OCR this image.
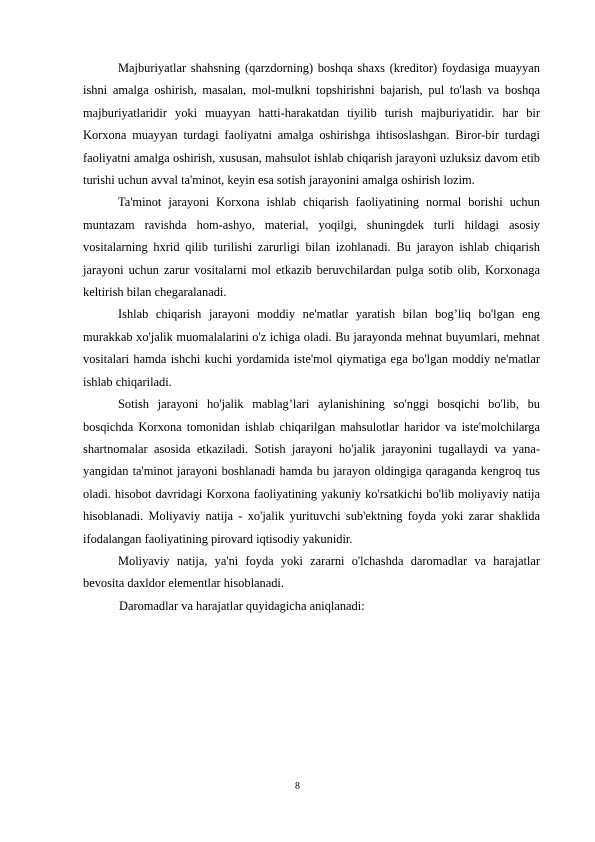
Majburiyatlar shahsning (qarzdorning) boshqa shaxs (kreditor) foydasiga muayyan ishni amalga oshirish, masalan, mol-mulkni topshirishni bajarish, pul to'lash va boshqa majburiyatlaridir yoki muayyan hatti-harakatdan tiyilib turish majburiyatidir. har bir Korxona muayyan turdagi faoliyatni amalga oshirishga ihtisoslashgan. Biror-bir turdagi faoliyatni amalga oshirish, xususan, mahsulot ishlab chiqarish jarayoni uzluksiz davom etib turishi uchun avval ta'minot, keyin esa sotish jarayonini amalga oshirish lozim.

Ta'minot jarayoni Korxona ishlab chiqarish faoliyatining normal borishi uchun muntazam ravishda hom-ashyo, material, yoqilgi, shuningdek turli hildagi asosiy vositalarning hxrid qilib turilishi zarurligi bilan izohlanadi. Bu jarayon ishlab chiqarish jarayoni uchun zarur vositalarni mol etkazib beruvchilardan pulga sotib olib, Korxonaga keltirish bilan chegaralanadi.

Ishlab chiqarish jarayoni moddiy ne'matlar yaratish bilan bog’liq bo'lgan eng murakkab xo'jalik muomalalarini o'z ichiga oladi. Bu jarayonda mehnat buyumlari, mehnat vositalari hamda ishchi kuchi yordamida iste'mol qiymatiga ega bo'lgan moddiy ne'matlar ishlab chiqariladi.

Sotish jarayoni ho'jalik mablag’lari aylanishining so'nggi bosqichi bo'lib, bu bosqichda Korxona tomonidan ishlab chiqarilgan mahsulotlar haridor va iste'molchilarga shartnomalar asosida etkaziladi. Sotish jarayoni ho'jalik jarayonini tugallaydi va yana-yangidan ta'minot jarayoni boshlanadi hamda bu jarayon oldingiga qaraganda kengroq tus oladi. hisobot davridagi Korxona faoliyatining yakuniy ko'rsatkichi bo'lib moliyaviy natija hisoblanadi. Moliyaviy natija - xo'jalik yurituvchi sub'ektning foyda yoki zarar shaklida ifodalangan faoliyatining pirovard iqtisodiy yakunidir.

Moliyaviy natija, ya'ni foyda yoki zararni o'lchashda daromadlar va harajatlar bevosita daxldor elementlar hisoblanadi.

Daromadlar va harajatlar quyidagicha aniqlanadi:

8
